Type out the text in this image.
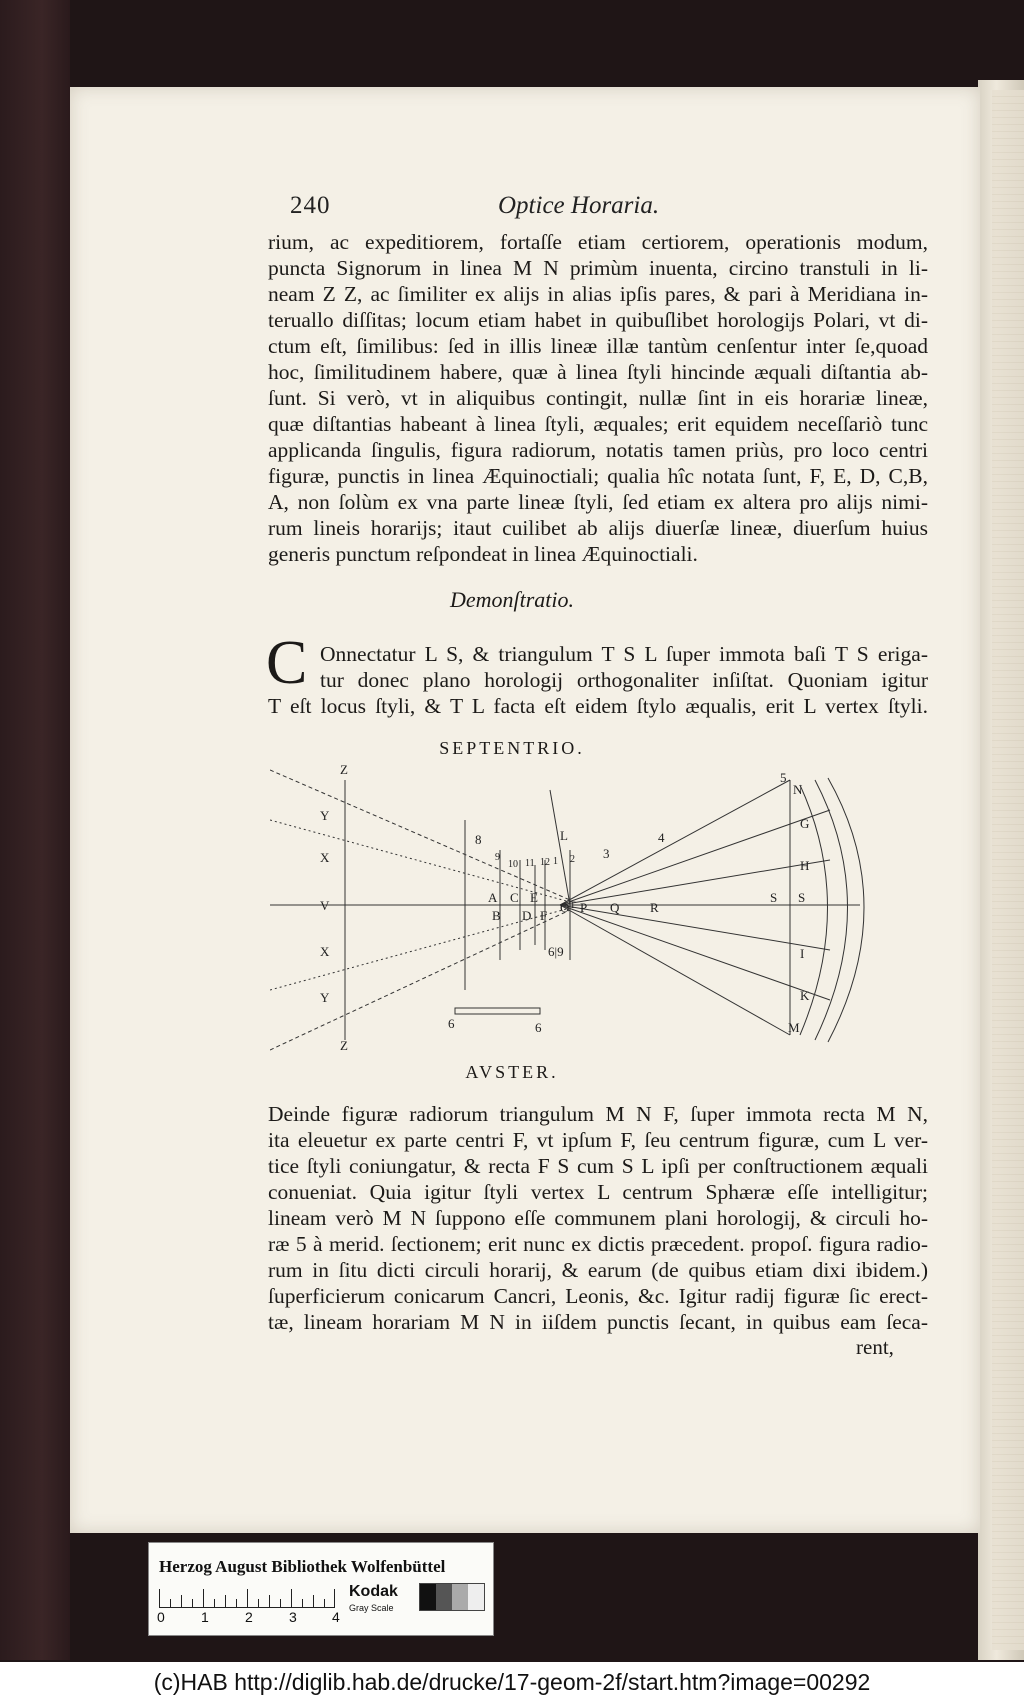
240	Optice Horaria.
rium, ac expeditiorem, fortaſſe etiam certiorem, operationis modum,
puncta Signorum in linea M N primùm inuenta, circino transtuli in li-
neam Z Z, ac ſimiliter ex alijs in alias ipſis pares, & pari à Meridiana in-
teruallo diſſitas; locum etiam habet in quibuſlibet horologijs Polari, vt di-
ctum eſt, ſimilibus: ſed in illis lineæ illæ tantùm cenſentur inter ſe,quoad
hoc, ſimilitudinem habere, quæ à linea ſtyli hincinde æquali diſtantia ab-
ſunt. Si verò, vt in aliquibus contingit, nullæ ſint in eis horariæ lineæ,
quæ diſtantias habeant à linea ſtyli, æquales; erit equidem neceſſariò tunc
applicanda ſingulis, figura radiorum, notatis tamen priùs, pro loco centri
figuræ, punctis in linea Æquinoctiali; qualia hîc notata ſunt, F, E, D, C,B,
A, non ſolùm ex vna parte lineæ ſtyli, ſed etiam ex altera pro alijs nimi-
rum lineis horarijs; itaut cuilibet ab alijs diuerſæ lineæ, diuerſum huius
generis punctum reſpondeat in linea Æquinoctiali.
Demonſtratio.
C Onnectatur L S, & triangulum T S L ſuper immota baſi T S eriga-
tur donec plano horologij orthogonaliter inſiſtat. Quoniam igitur
T eſt locus ſtyli, & T L facta eſt eidem ſtylo æqualis, erit L vertex ſtyli.
SEPTENTRIO.
Z
Y
X
V
X
Y
Z
A
B
C
D
E
F
O P Q R
S
8
9
10 11 12 1 2 3
4
5
N
G
H
S
I
K
M
L
T
6	6
6|9
AVSTER.
Deinde figuræ radiorum triangulum M N F, ſuper immota recta M N,
ita eleuetur ex parte centri F, vt ipſum F, ſeu centrum figuræ, cum L ver-
tice ſtyli coniungatur, & recta F S cum S L ipſi per conſtructionem æquali
conueniat. Quia igitur ſtyli vertex L centrum Sphæræ eſſe intelligitur;
lineam verò M N ſuppono eſſe communem plani horologij, & circuli ho-
ræ 5 à merid. ſectionem; erit nunc ex dictis præcedent. propoſ. figura radio-
rum in ſitu dicti circuli horarij, & earum (de quibus etiam dixi ibidem.)
ſuperficierum conicarum Cancri, Leonis, &c. Igitur radij figuræ ſic erect-
tæ, lineam horariam M N in iiſdem punctis ſecant, in quibus eam ſeca-
rent,
Herzog August Bibliothek Wolfenbüttel
0	1	2	3	4
Kodak
Gray Scale
(c)HAB http://diglib.hab.de/drucke/17-geom-2f/start.htm?image=00292
